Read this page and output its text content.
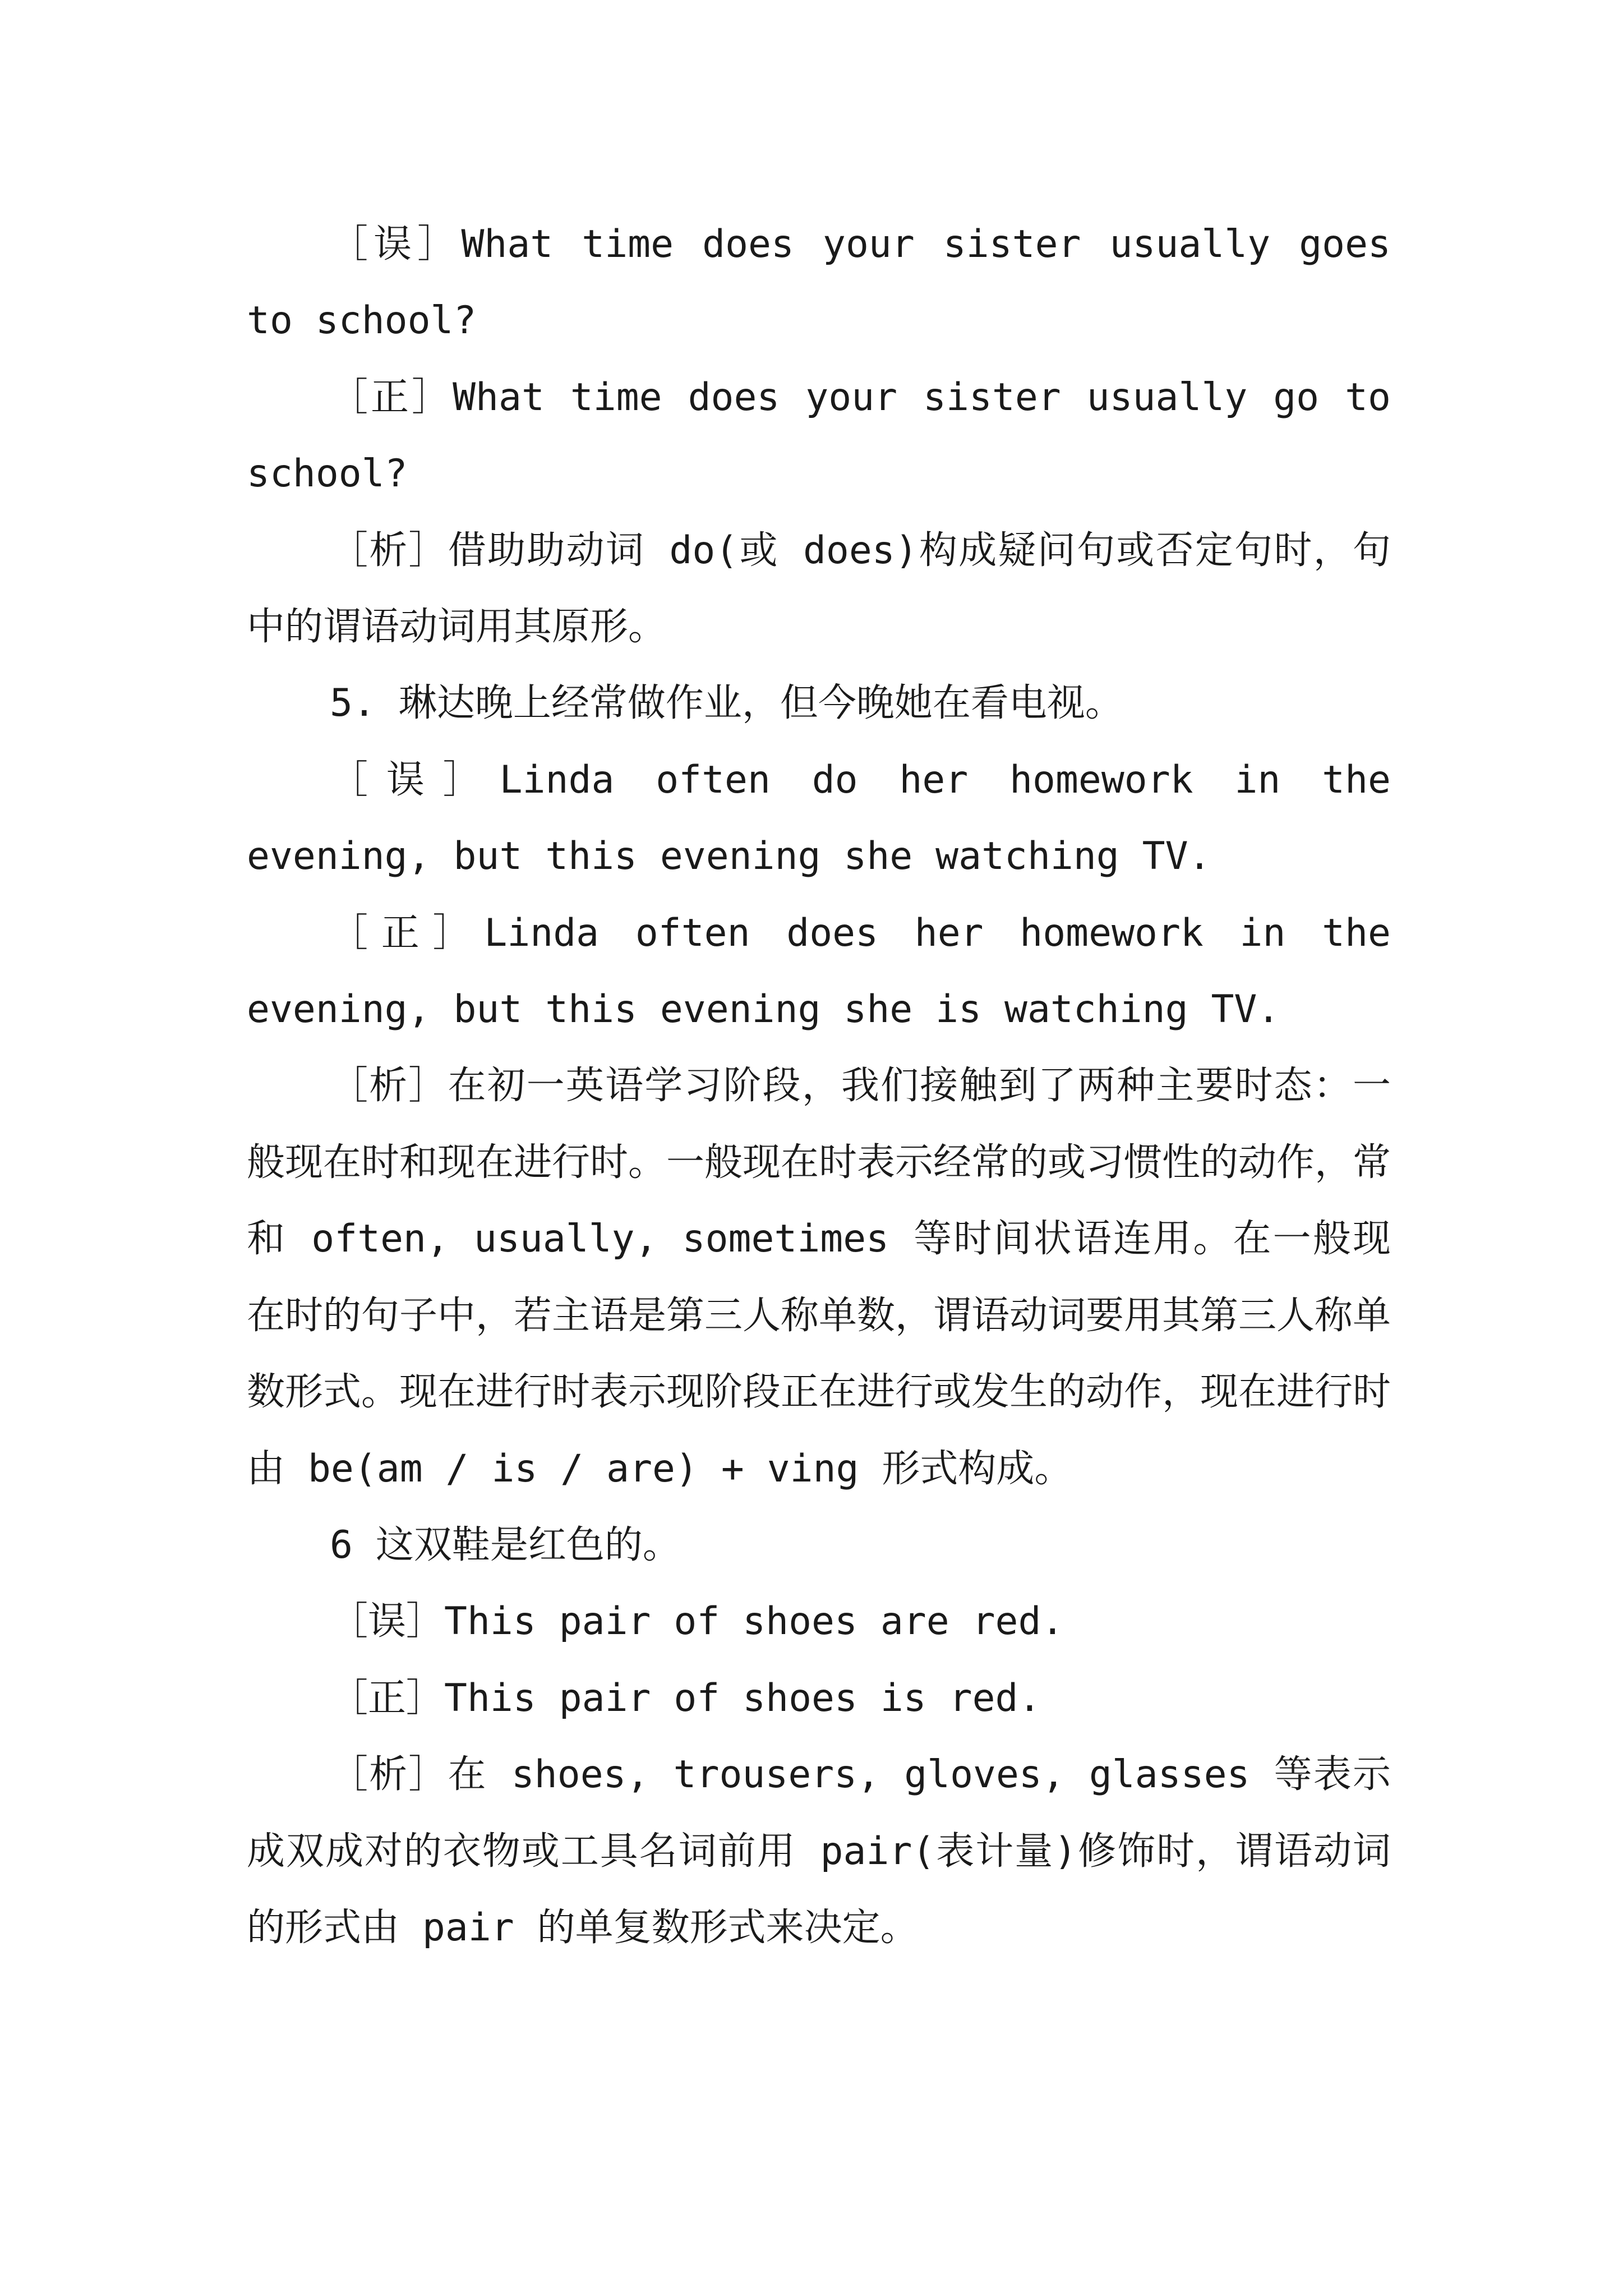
［误］What time does your sister usually goes to school?

［正］What time does your sister usually go to school?

［析］借助助动词 do(或 does)构成疑问句或否定句时，句中的谓语动词用其原形。

5. 琳达晚上经常做作业，但今晚她在看电视。

［误］Linda often do her homework in the evening, but this evening she watching TV.

［正］Linda often does her homework in the evening, but this evening she is watching TV.

［析］在初一英语学习阶段，我们接触到了两种主要时态：一般现在时和现在进行时。一般现在时表示经常的或习惯性的动作，常和 often, usually, sometimes 等时间状语连用。在一般现在时的句子中，若主语是第三人称单数，谓语动词要用其第三人称单数形式。现在进行时表示现阶段正在进行或发生的动作，现在进行时由 be(am / is / are) + ving 形式构成。

6 这双鞋是红色的。

［误］This pair of shoes are red.

［正］This pair of shoes is red.

［析］在 shoes, trousers, gloves, glasses 等表示成双成对的衣物或工具名词前用 pair(表计量)修饰时，谓语动词的形式由 pair 的单复数形式来决定。
